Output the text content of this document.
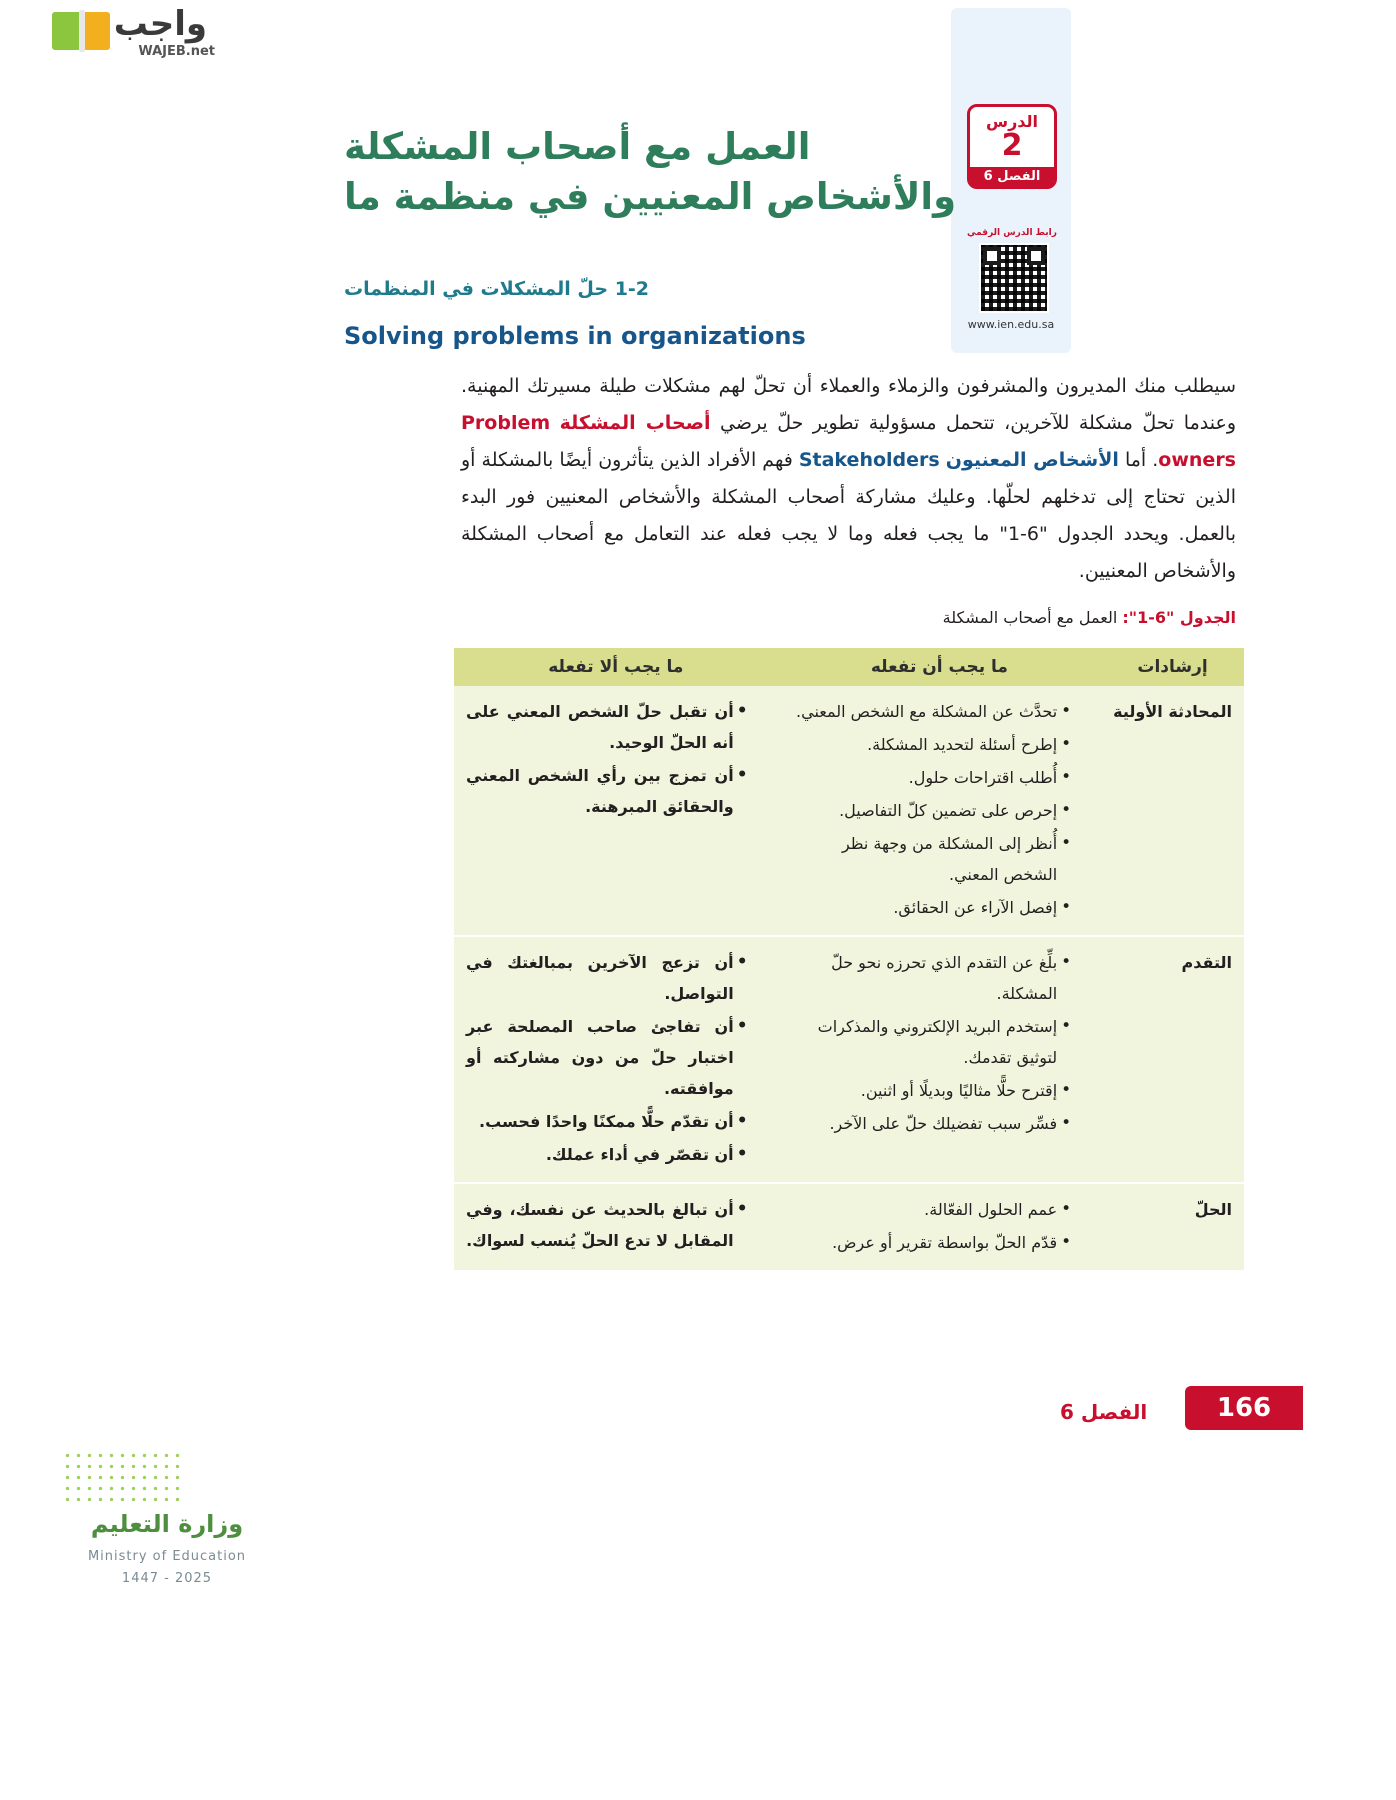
واجب
WAJEB.net
الدرس
2
الفصل 6
رابط الدرس الرقمي
www.ien.edu.sa
العمل مع أصحاب المشكلة والأشخاص المعنيين في منظمة ما
1-2 حلّ المشكلات في المنظمات
Solving problems in organizations
سيطلب منك المديرون والمشرفون والزملاء والعملاء أن تحلّ لهم مشكلات طيلة مسيرتك المهنية. وعندما تحلّ مشكلة للآخرين، تتحمل مسؤولية تطوير حلّ يرضي أصحاب المشكلة Problem owners. أما الأشخاص المعنيون Stakeholders فهم الأفراد الذين يتأثرون أيضًا بالمشكلة أو الذين تحتاج إلى تدخلهم لحلّها. وعليك مشاركة أصحاب المشكلة والأشخاص المعنيين فور البدء بالعمل. ويحدد الجدول "6-1" ما يجب فعله وما لا يجب فعله عند التعامل مع أصحاب المشكلة والأشخاص المعنيين.
الجدول "6-1": العمل مع أصحاب المشكلة
إرشادات	ما يجب أن تفعله	ما يجب ألا تفعله
المحادثة الأولية	
• تحدَّث عن المشكلة مع الشخص المعني.
• إطرح أسئلة لتحديد المشكلة.
• أُطلب اقتراحات حلول.
• إحرص على تضمين كلّ التفاصيل.
• أُنظر إلى المشكلة من وجهة نظر الشخص المعني.
• إفصل الآراء عن الحقائق.

• أن تقبل حلّ الشخص المعني على أنه الحلّ الوحيد.
• أن تمزج بين رأي الشخص المعني والحقائق المبرهنة.

التقدم	
• بلِّغ عن التقدم الذي تحرزه نحو حلّ المشكلة.
• إستخدم البريد الإلكتروني والمذكرات لتوثيق تقدمك.
• إقترح حلًّا مثاليًا وبديلًا أو اثنين.
• فسِّر سبب تفضيلك حلّ على الآخر.

• أن تزعج الآخرين بمبالغتك في التواصل.
• أن تفاجئ صاحب المصلحة عبر اختبار حلّ من دون مشاركته أو موافقته.
• أن تقدّم حلًّا ممكنًا واحدًا فحسب.
• أن تقصّر في أداء عملك.

الحلّ	
• عمم الحلول الفعّالة.
• قدّم الحلّ بواسطة تقرير أو عرض.

• أن تبالغ بالحديث عن نفسك، وفي المقابل لا تدع الحلّ يُنسب لسواك.
وزارة التعليم
Ministry of Education
2025 - 1447
الفصل 6	166
